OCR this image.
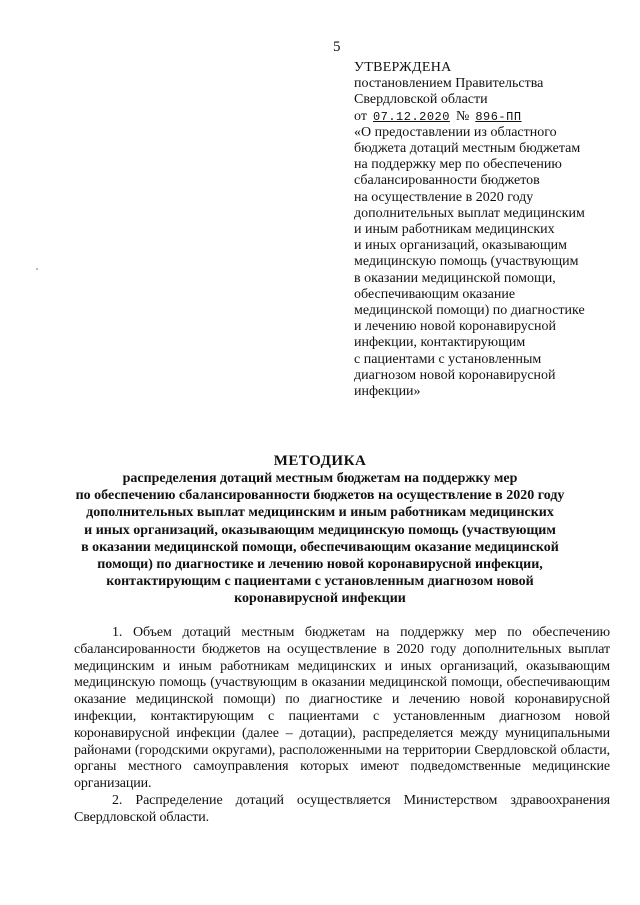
5
УТВЕРЖДЕНА
постановлением Правительства
Свердловской области
от 07.12.2020 № 896-ПП
«О предоставлении из областного
бюджета дотаций местным бюджетам
на поддержку мер по обеспечению
сбалансированности бюджетов
на осуществление в 2020 году
дополнительных выплат медицинским
и иным работникам медицинских
и иных организаций, оказывающим
медицинскую помощь (участвующим
в оказании медицинской помощи,
обеспечивающим оказание
медицинской помощи) по диагностике
и лечению новой коронавирусной
инфекции, контактирующим
с пациентами с установленным
диагнозом новой коронавирусной
инфекции»
МЕТОДИКА
распределения дотаций местным бюджетам на поддержку мер
по обеспечению сбалансированности бюджетов на осуществление в 2020 году
дополнительных выплат медицинским и иным работникам медицинских
и иных организаций, оказывающим медицинскую помощь (участвующим
в оказании медицинской помощи, обеспечивающим оказание медицинской
помощи) по диагностике и лечению новой коронавирусной инфекции,
контактирующим с пациентами с установленным диагнозом новой
коронавирусной инфекции

1. Объем дотаций местным бюджетам на поддержку мер по обеспечению сбалансированности бюджетов на осуществление в 2020 году дополнительных выплат медицинским и иным работникам медицинских и иных организаций, оказывающим медицинскую помощь (участвующим в оказании медицинской помощи, обеспечивающим оказание медицинской помощи) по диагностике и лечению новой коронавирусной инфекции, контактирующим с пациентами с установленным диагнозом новой коронавирусной инфекции (далее – дотации), распределяется между муниципальными районами (городскими округами), расположенными на территории Свердловской области, органы местного самоуправления которых имеют подведомственные медицинские организации.

2. Распределение дотаций осуществляется Министерством здравоохранения Свердловской области.
